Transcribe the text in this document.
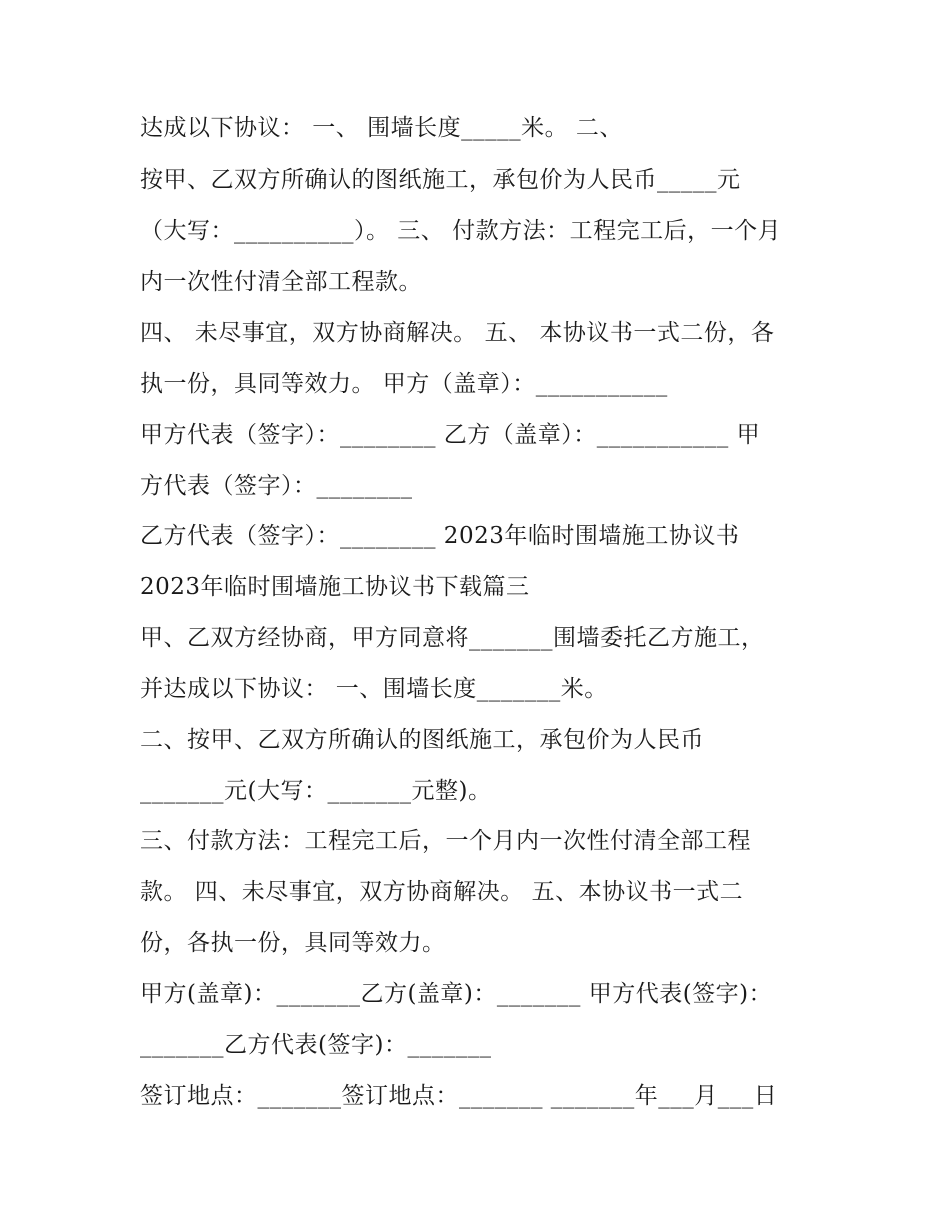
达成以下协议： 一、 围墙长度_____米。 二、
按甲、乙双方所确认的图纸施工，承包价为人民币_____元
（大写：__________）。 三、 付款方法：工程完工后，一个月
内一次性付清全部工程款。
四、 未尽事宜，双方协商解决。 五、 本协议书一式二份，各
执一份，具同等效力。 甲方（盖章）：___________
甲方代表（签字）：________ 乙方（盖章）：___________ 甲
方代表（签字）：________
乙方代表（签字）：________ 2023年临时围墙施工协议书
2023年临时围墙施工协议书下载篇三
甲、乙双方经协商，甲方同意将_______围墙委托乙方施工，
并达成以下协议： 一、围墙长度_______米。
二、按甲、乙双方所确认的图纸施工，承包价为人民币
_______元(大写：_______元整)。
三、付款方法：工程完工后，一个月内一次性付清全部工程
款。 四、未尽事宜，双方协商解决。 五、本协议书一式二
份，各执一份，具同等效力。
甲方(盖章)：_______乙方(盖章)：_______ 甲方代表(签字)：
_______乙方代表(签字)：_______
签订地点：_______签订地点：_______ _______年___月___日
